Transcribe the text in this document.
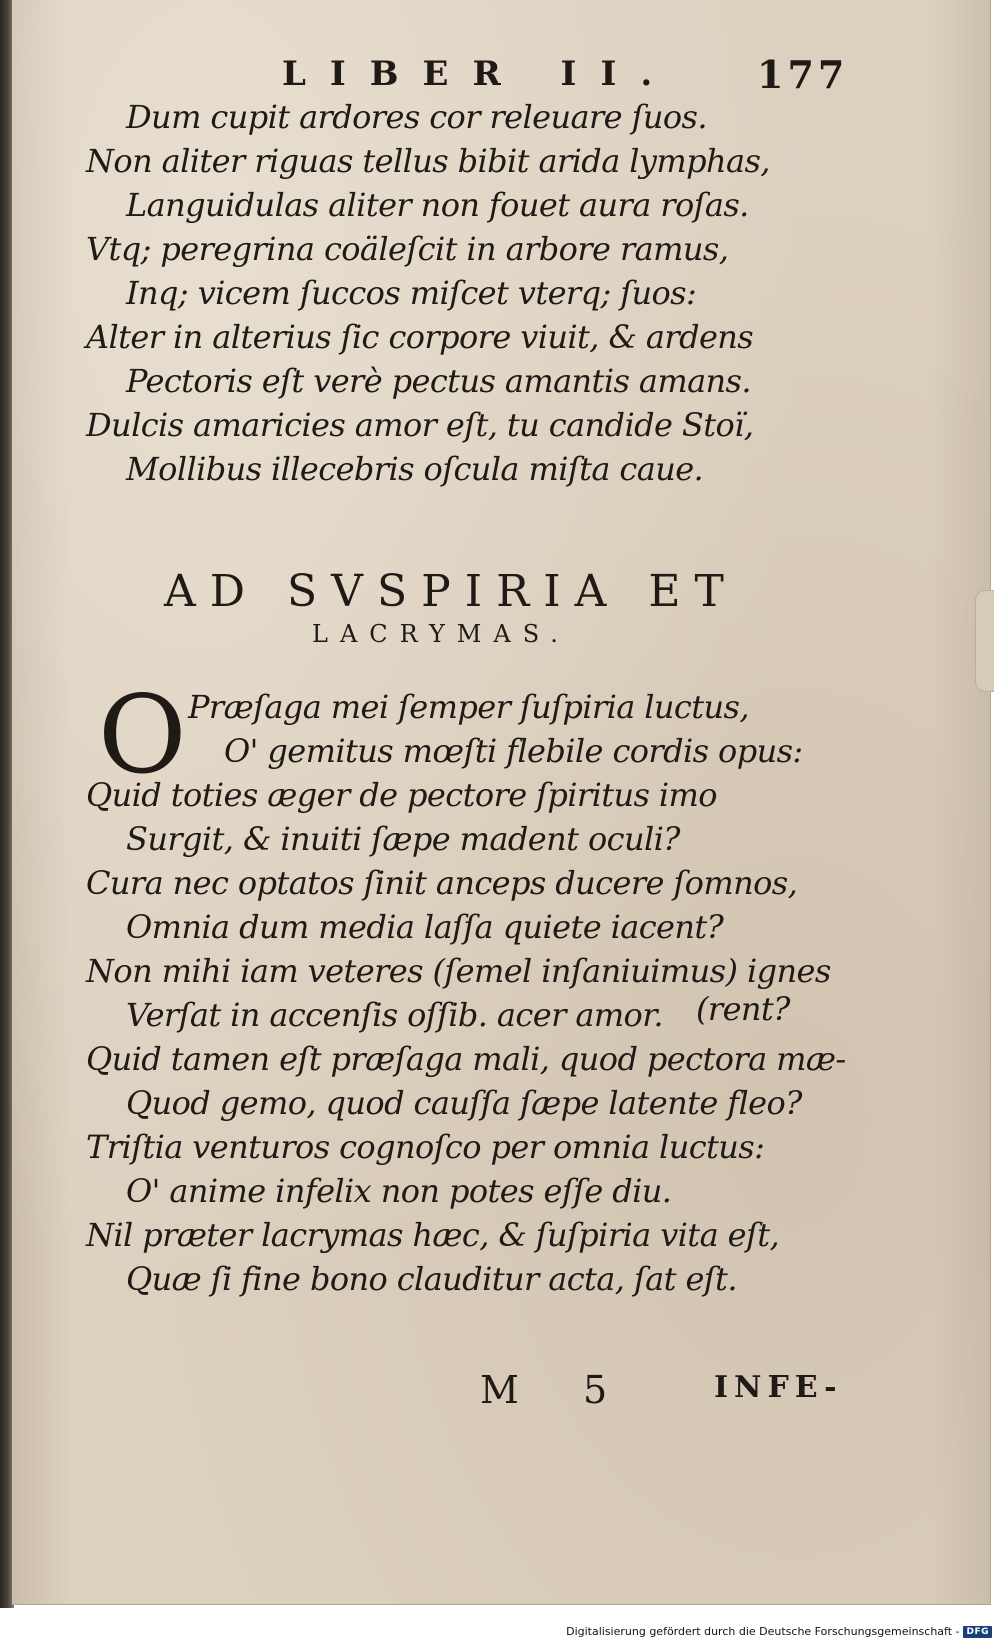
LIBER II. 177
Dum cupit ardores cor releuare ſuos.
Non aliter riguas tellus bibit arida lymphas,
Languidulas aliter non fouet aura roſas.
Vtq; peregrina coäleſcit in arbore ramus,
Inq; vicem ſuccos miſcet vterq; ſuos:
Alter in alterius ſic corpore viuit, & ardens
Pectoris eſt verè pectus amantis amans.
Dulcis amaricies amor eſt, tu candide Stoï,
Mollibus illecebris oſcula miſta caue.
AD SVSPIRIA ET
LACRYMAS.
O Præſaga mei ſemper ſuſpiria luctus,
O' gemitus mœſti flebile cordis opus:
Quid toties æger de pectore ſpiritus imo
Surgit, & inuiti ſæpe madent oculi?
Cura nec optatos ſinit anceps ducere ſomnos,
Omnia dum media laſſa quiete iacent?
Non mihi iam veteres (ſemel inſaniuimus) ignes
Verſat in accenſis oſſib. acer amor. (rent?
Quid tamen eſt præſaga mali, quod pectora mæ-
Quod gemo, quod cauſſa ſæpe latente fleo?
Triſtia venturos cognoſco per omnia luctus:
O' anime infelix non potes eſſe diu.
Nil præter lacrymas hæc, & ſuſpiria vita eſt,
Quæ ſi fine bono clauditur acta, ſat eſt.
M 5	INFE-
Digitalisierung gefördert durch die Deutsche Forschungsgemeinschaft - DFG
